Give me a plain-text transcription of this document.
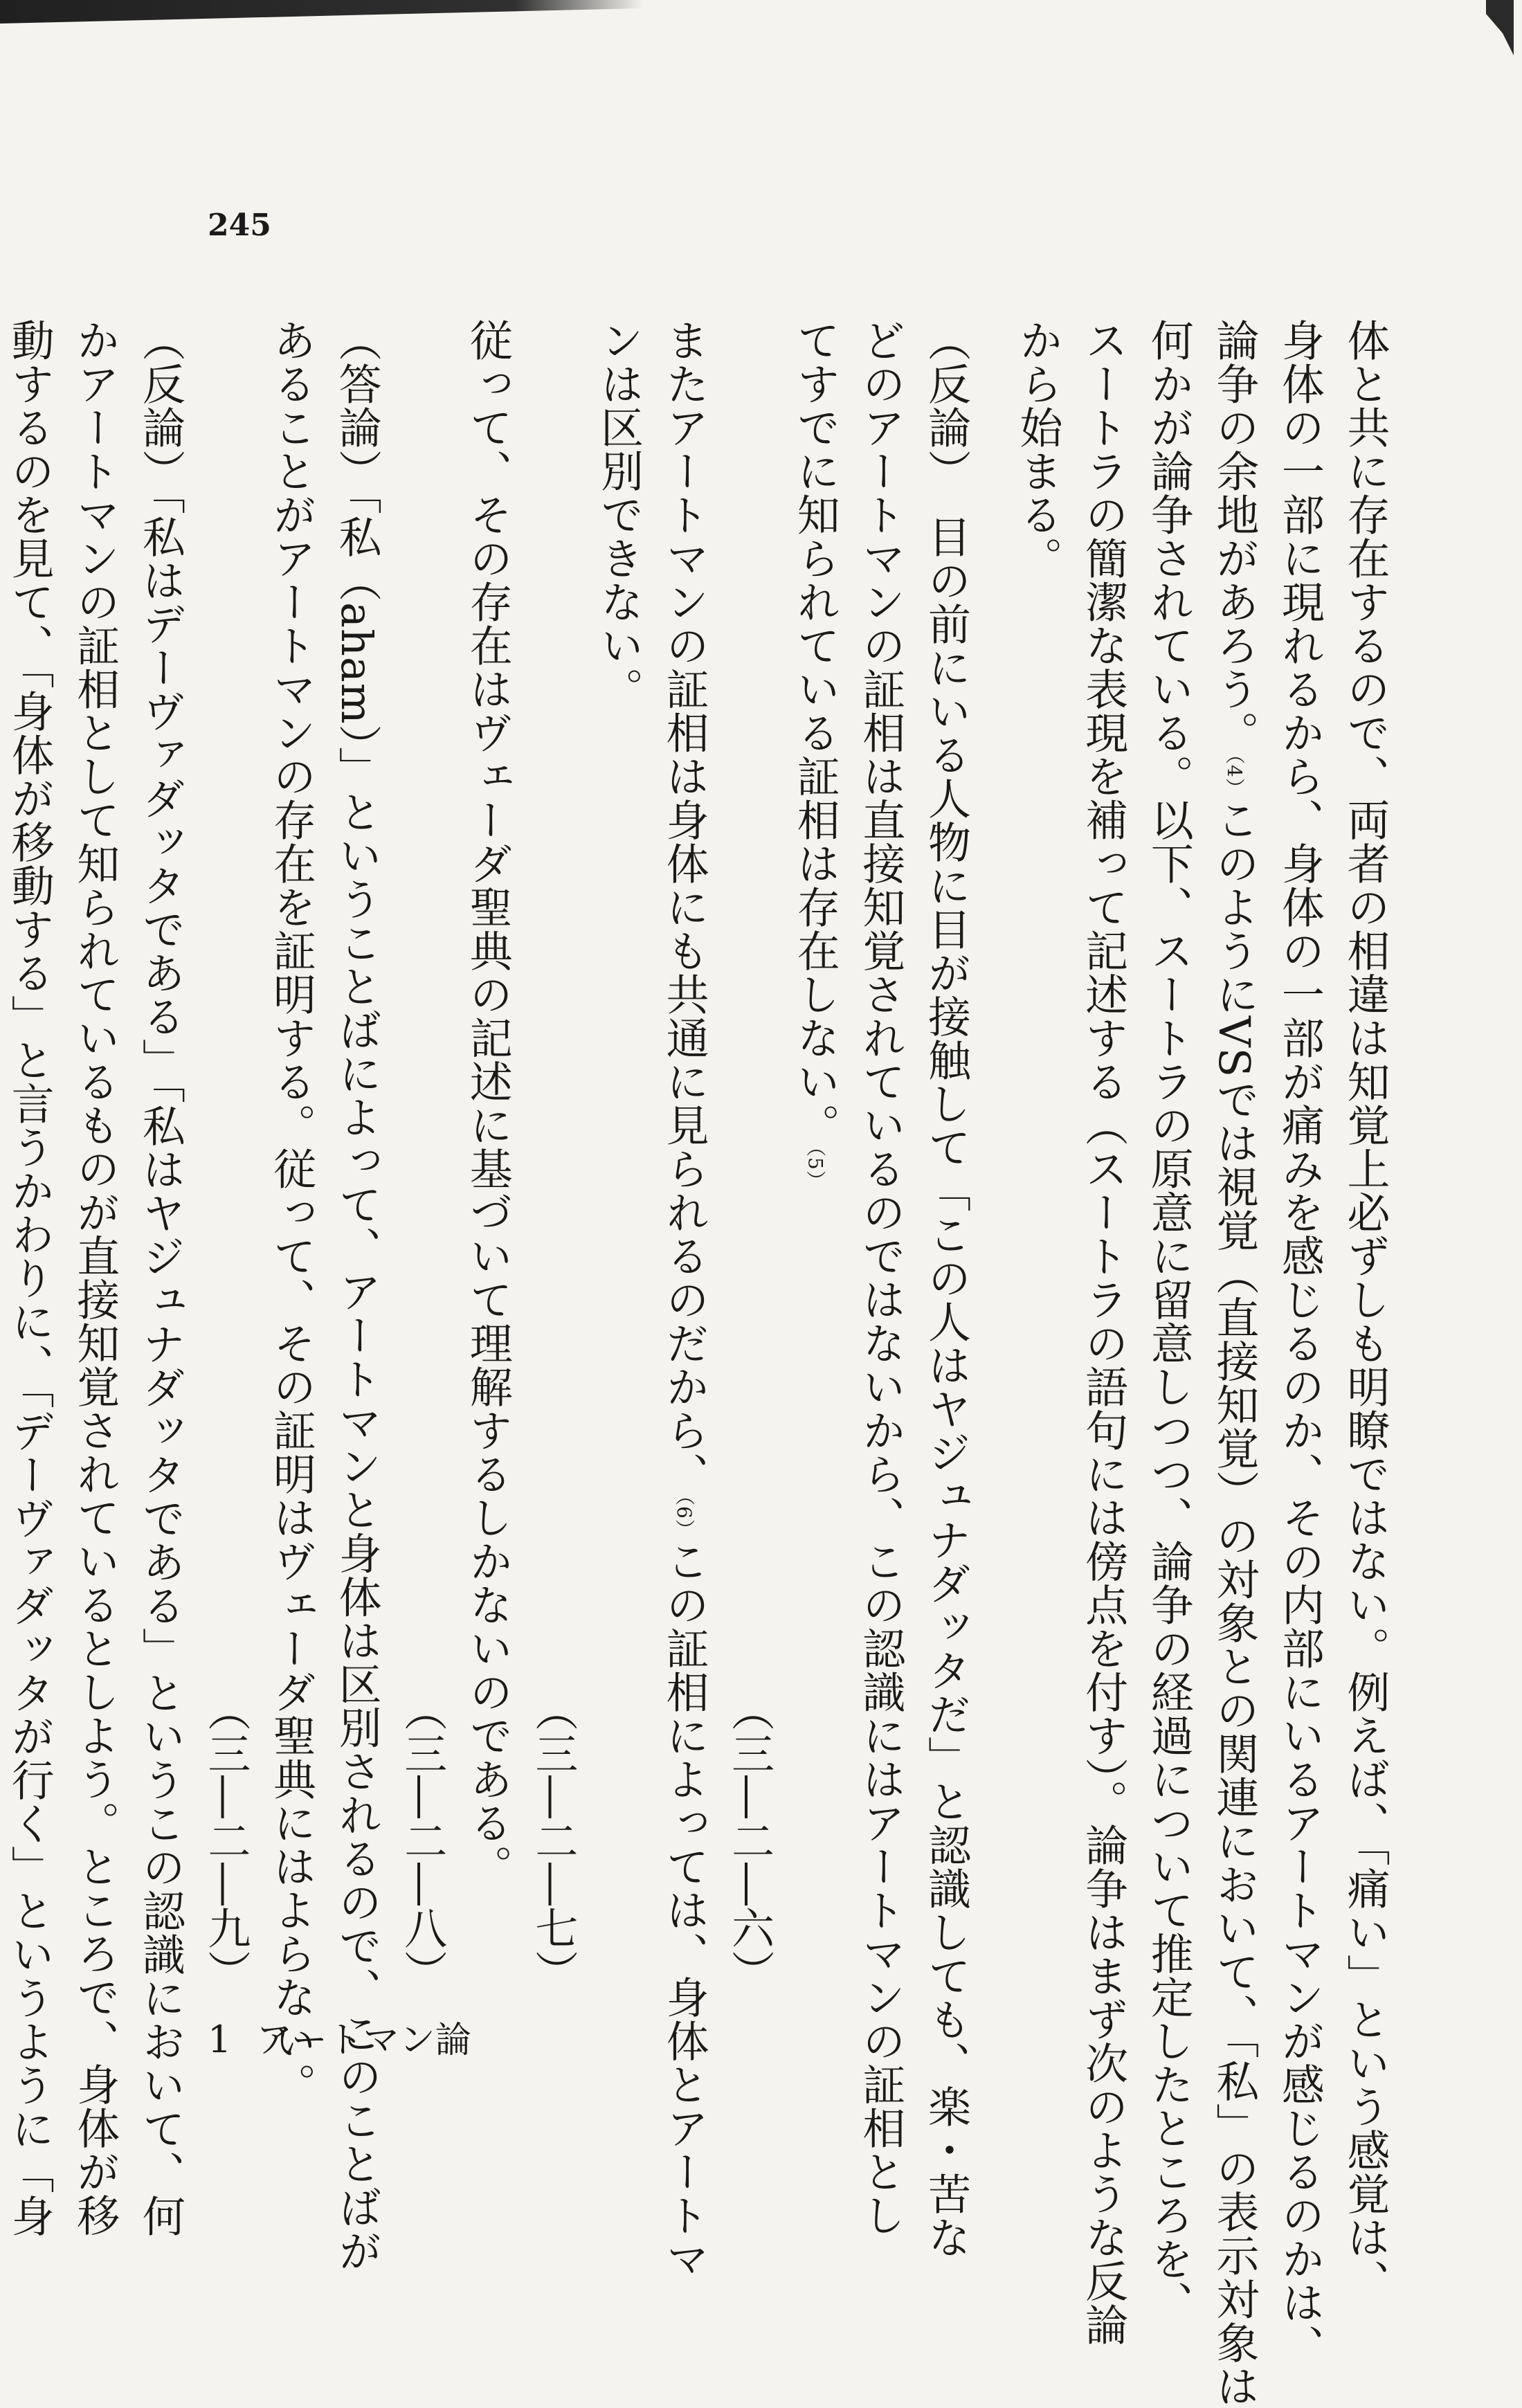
245
体と共に存在するので、両者の相違は知覚上必ずしも明瞭ではない。例えば、「痛い」という感覚は、
身体の一部に現れるから、身体の一部が痛みを感じるのか、その内部にいるアートマンが感じるのかは、
論争の余地があろう。（4）このようにVSでは視覚（直接知覚）の対象との関連において、「私」の表示対象は
何かが論争されている。以下、スートラの原意に留意しつつ、論争の経過について推定したところを、
スートラの簡潔な表現を補って記述する（スートラの語句には傍点を付す）。論争はまず次のような反論
から始まる。
（反論）　目の前にいる人物に目が接触して「この人はヤジュナダッタだ」と認識しても、楽・苦な
どのアートマンの証相は直接知覚されているのではないから、この認識にはアートマンの証相とし
てすでに知られている証相は存在しない。（5）
（三―二―六）
またアートマンの証相は身体にも共通に見られるのだから、（6）この証相によっては、身体とアートマ
ンは区別できない。
（三―二―七）
従って、その存在はヴェーダ聖典の記述に基づいて理解するしかないのである。
（三―二―八）
（答論）「私（aham）」ということばによって、アートマンと身体は区別されるので、このことばが
あることがアートマンの存在を証明する。従って、その証明はヴェーダ聖典にはよらない。
（三―二―九）
（反論）「私はデーヴァダッタである」「私はヤジュナダッタである」というこの認識において、何
かアートマンの証相として知られているものが直接知覚されているとしよう。ところで、身体が移
動するのを見て、「身体が移動する」と言うかわりに、「デーヴァダッタが行く」というように「身	1 アートマン論
